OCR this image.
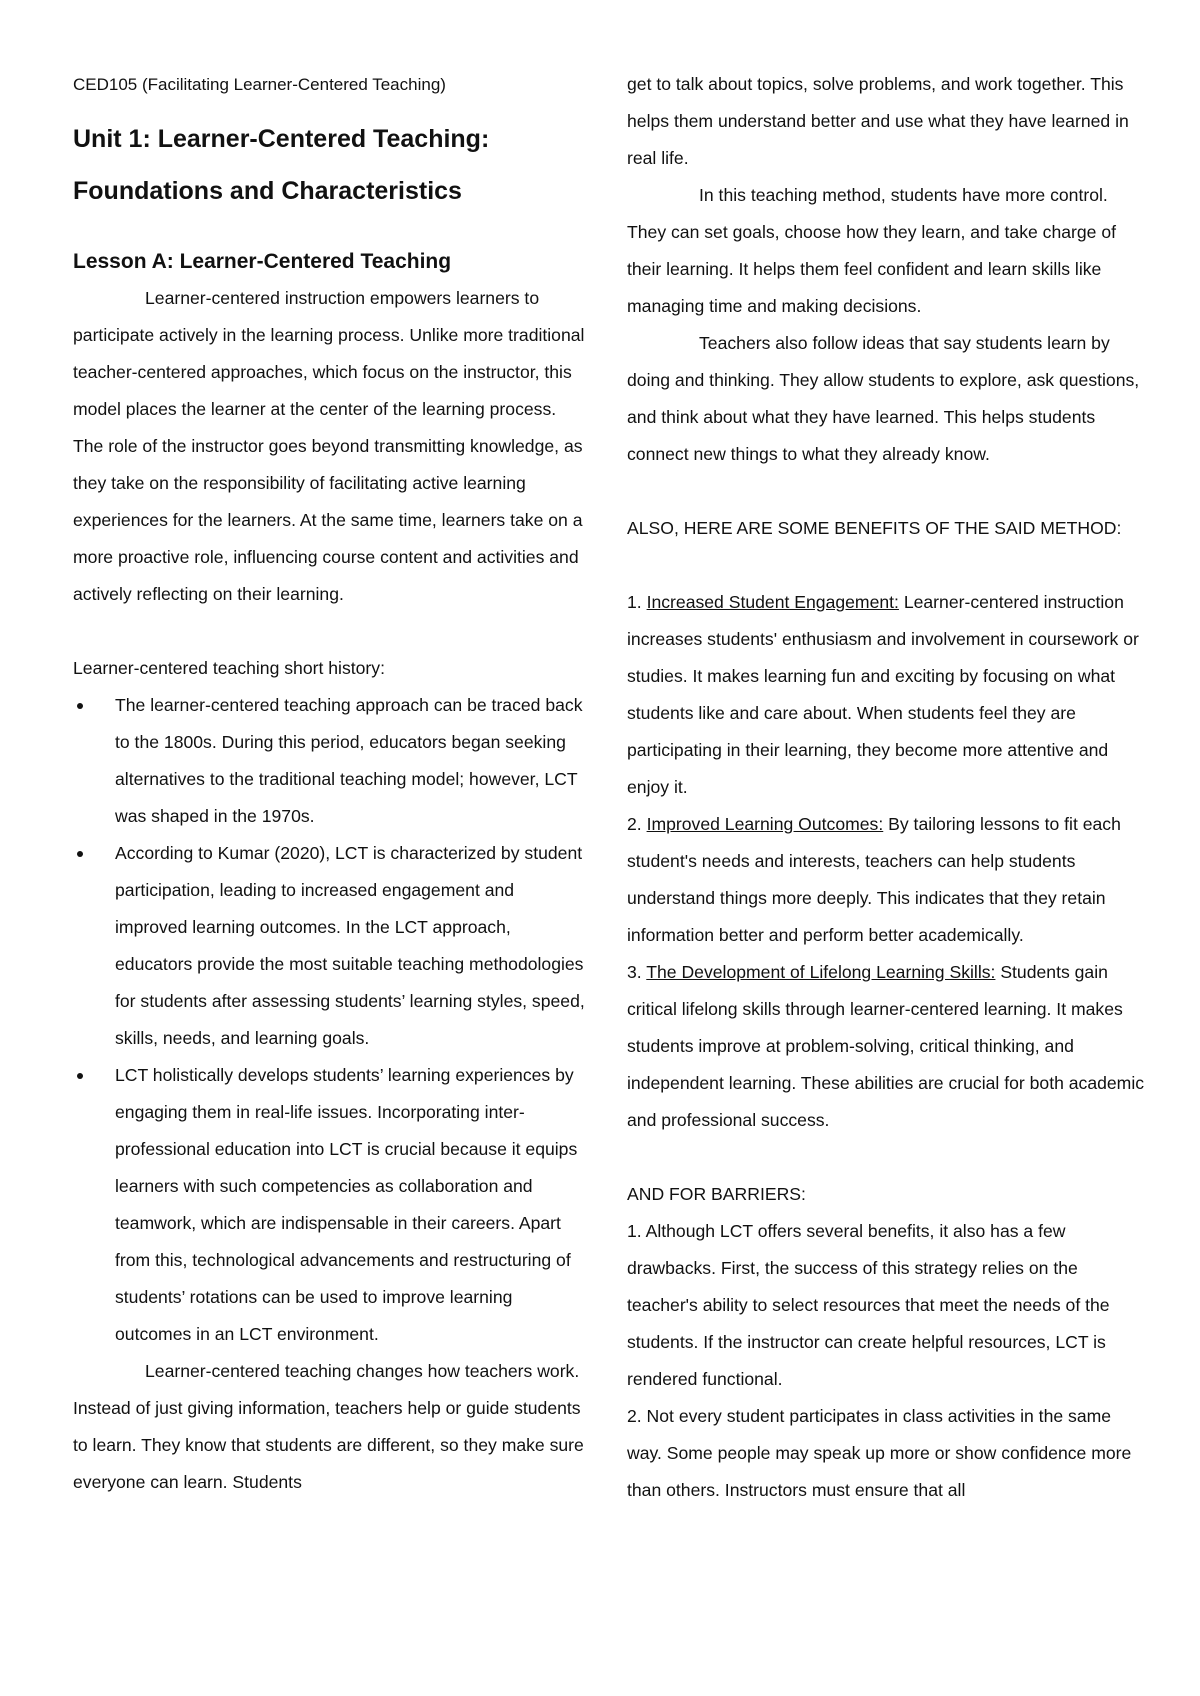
CED105 (Facilitating Learner-Centered Teaching)

Unit 1: Learner-Centered Teaching:
Foundations and Characteristics

Lesson A: Learner-Centered Teaching

Learner-centered instruction empowers learners to participate actively in the learning process. Unlike more traditional teacher-centered approaches, which focus on the instructor, this model places the learner at the center of the learning process. The role of the instructor goes beyond transmitting knowledge, as they take on the responsibility of facilitating active learning experiences for the learners. At the same time, learners take on a more proactive role, influencing course content and activities and actively reflecting on their learning.

Learner-centered teaching short history:

The learner-centered teaching approach can be traced back to the 1800s. During this period, educators began seeking alternatives to the traditional teaching model; however, LCT was shaped in the 1970s.
According to Kumar (2020), LCT is characterized by student participation, leading to increased engagement and improved learning outcomes. In the LCT approach, educators provide the most suitable teaching methodologies for students after assessing students’ learning styles, speed, skills, needs, and learning goals.
LCT holistically develops students’ learning experiences by engaging them in real-life issues. Incorporating inter-professional education into LCT is crucial because it equips learners with such competencies as collaboration and teamwork, which are indispensable in their careers. Apart from this, technological advancements and restructuring of students’ rotations can be used to improve learning outcomes in an LCT environment.

Learner-centered teaching changes how teachers work. Instead of just giving information, teachers help or guide students to learn. They know that students are different, so they make sure everyone can learn. Students

get to talk about topics, solve problems, and work together. This helps them understand better and use what they have learned in real life.

In this teaching method, students have more control. They can set goals, choose how they learn, and take charge of their learning. It helps them feel confident and learn skills like managing time and making decisions.

Teachers also follow ideas that say students learn by doing and thinking. They allow students to explore, ask questions, and think about what they have learned. This helps students connect new things to what they already know.

ALSO, HERE ARE SOME BENEFITS OF THE SAID METHOD:

1. Increased Student Engagement: Learner-centered instruction increases students' enthusiasm and involvement in coursework or studies. It makes learning fun and exciting by focusing on what students like and care about. When students feel they are participating in their learning, they become more attentive and enjoy it.

2. Improved Learning Outcomes: By tailoring lessons to fit each student's needs and interests, teachers can help students understand things more deeply. This indicates that they retain information better and perform better academically.

3. The Development of Lifelong Learning Skills: Students gain critical lifelong skills through learner-centered learning. It makes students improve at problem-solving, critical thinking, and independent learning. These abilities are crucial for both academic and professional success.

AND FOR BARRIERS:

1. Although LCT offers several benefits, it also has a few drawbacks. First, the success of this strategy relies on the teacher's ability to select resources that meet the needs of the students. If the instructor can create helpful resources, LCT is rendered functional.

2. Not every student participates in class activities in the same way. Some people may speak up more or show confidence more than others. Instructors must ensure that all
